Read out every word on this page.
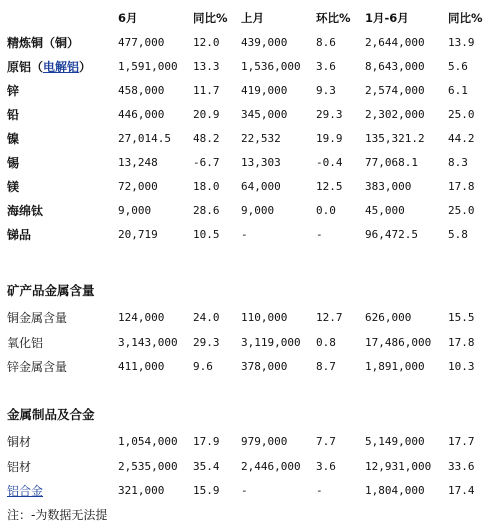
6月	同比% 上月	环比% 1月-6月	同比%
精炼铜（铜）	477,000	12.0 439,000	8.6	2,644,000 13.9
原铝（电解铝） 1,591,000 13.3 1,536,000 3.6	8,643,000 5.6
锌	458,000	11.7 419,000	9.3	2,574,000 6.1
铅	446,000	20.9 345,000	29.3 2,302,000 25.0
镍	27,014.5 48.2 22,532	19.9 135,321.2 44.2
锡	13,248	-6.7 13,303	-0.4 77,068.1	8.3
镁	72,000	18.0 64,000	12.5 383,000	17.8
海绵钛	9,000	28.6 9,000	0.0	45,000	25.0
锑品	20,719	10.5 -	-	96,472.5	5.8
矿产品金属含量
铜金属含量	124,000	24.0 110,000	12.7 626,000	15.5
氧化铝	3,143,000 29.3 3,119,000 0.8	17,486,000 17.8
锌金属含量	411,000	9.6	378,000	8.7	1,891,000 10.3
金属制品及合金
铜材	1,054,000 17.9 979,000	7.7	5,149,000 17.7
铝材	2,535,000 35.4 2,446,000 3.6	12,931,000 33.6
铝合金	321,000	15.9 -	-	1,804,000 17.4
注：-为数据无法提
